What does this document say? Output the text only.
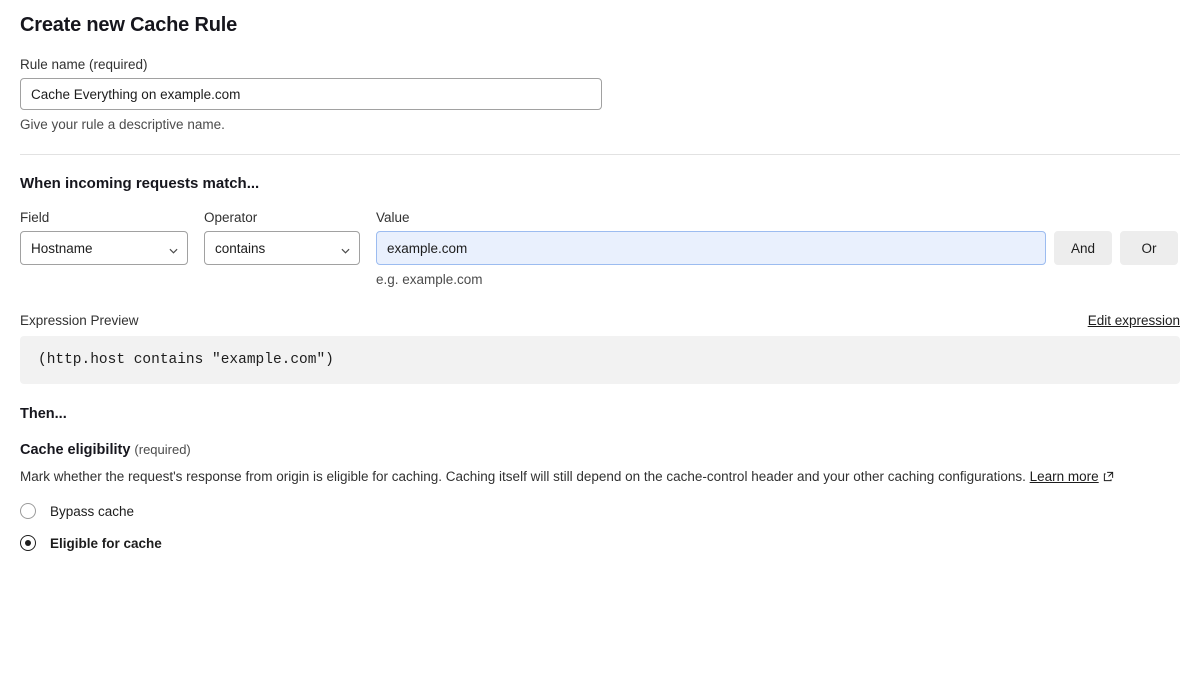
Create new Cache Rule
Rule name (required)
Cache Everything on example.com
Give your rule a descriptive name.
When incoming requests match...
Field
Hostname
Operator
contains
Value
example.com
e.g. example.com

And
	Or
Expression Preview	Edit expression
(http.host contains "example.com")
Then...
Cache eligibility (required)
Mark whether the request's response from origin is eligible for caching. Caching itself will still depend on the cache-control header and your other caching configurations. Learn more
Bypass cache
Eligible for cache
